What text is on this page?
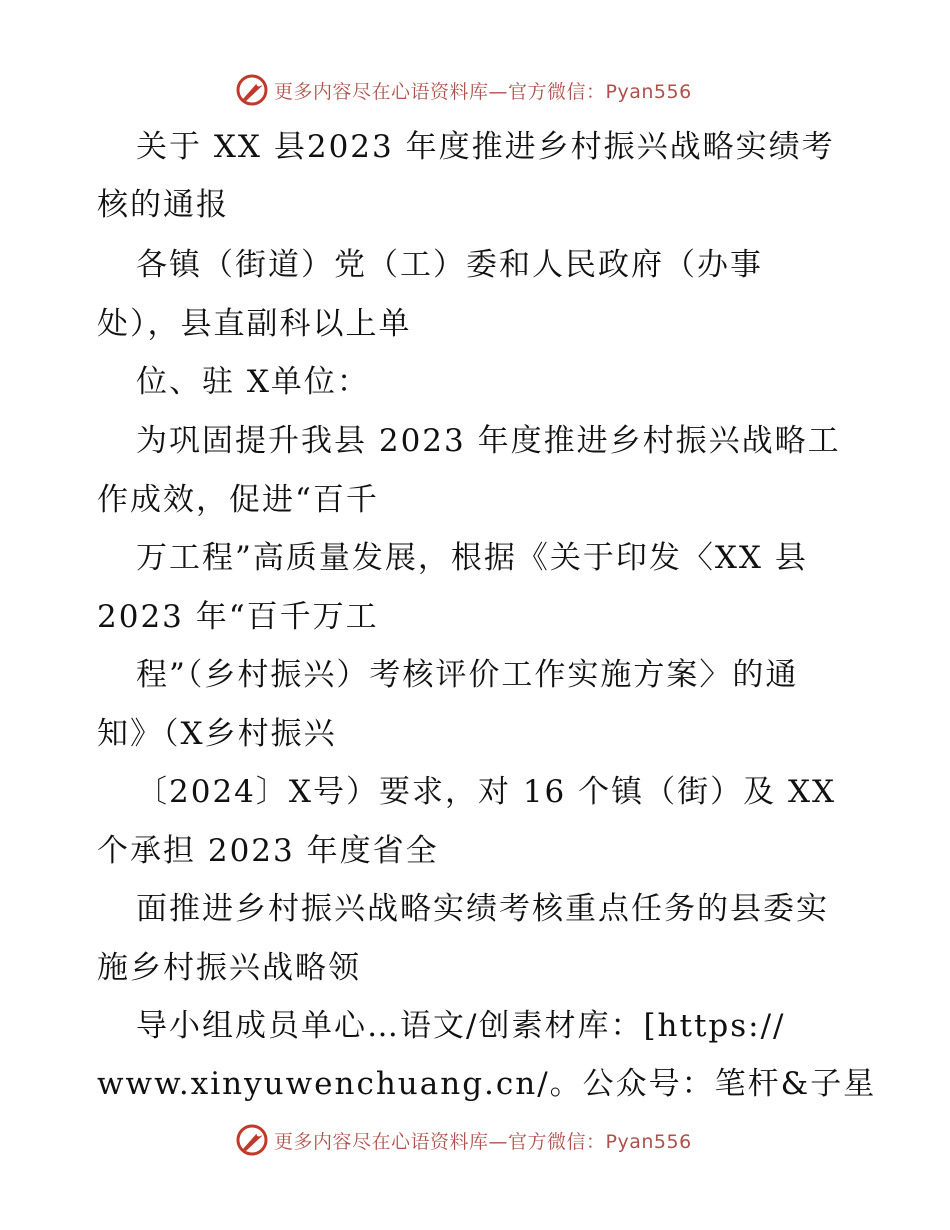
更多内容尽在心语资料库—官方微信：Pyan556

关于 XX 县2023 年度推进乡村振兴战略实绩考

核的通报

各镇（街道）党（工）委和人民政府（办事

处），县直副科以上单

位、驻 X单位：

为巩固提升我县 2023 年度推进乡村振兴战略工

作成效，促进“百千

万工程”高质量发展，根据《关于印发〈XX 县

2023 年“百千万工

程”（乡村振兴）考核评价工作实施方案〉的通

知》（X乡村振兴

〔2024〕X号）要求，对 16 个镇（街）及 XX

个承担 2023 年度省全

面推进乡村振兴战略实绩考核重点任务的县委实

施乡村振兴战略领

导小组成员单心…语文/创素材库：[https://

www.xinyuwenchuang.cn/。公众号：笔杆&子星

更多内容尽在心语资料库—官方微信：Pyan556
